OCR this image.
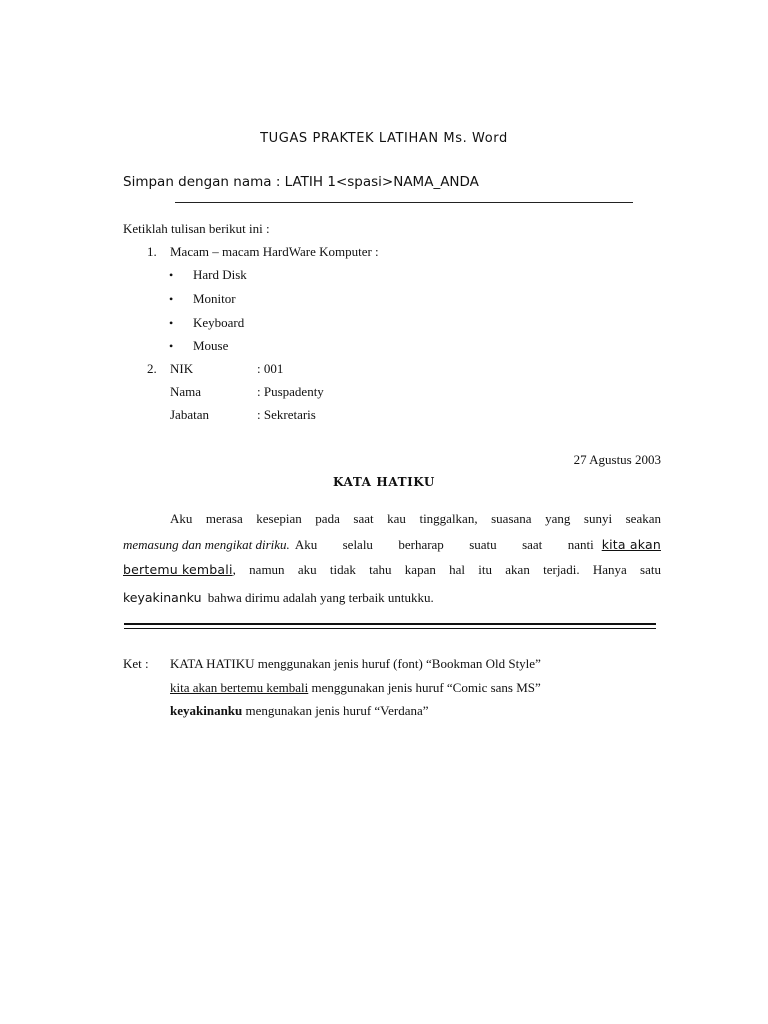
TUGAS PRAKTEK LATIHAN Ms. Word
Simpan dengan nama : LATIH 1<spasi>NAMA_ANDA
Ketiklah tulisan berikut ini :
1. Macam – macam HardWare Komputer :
• Hard Disk
• Monitor
• Keyboard
• Mouse
2. NIK	: 001
Nama	: Puspadenty
Jabatan	: Sekretaris
27 Agustus 2003
KATA HATIKU
Aku merasa kesepian pada saat kau tinggalkan, suasana yang sunyi seakan
memasung dan mengikat diriku. Aku selalu berharap suatu saat nanti kita akan
bertemu kembali , namun aku tidak tahu kapan hal itu akan terjadi. Hanya satu
keyakinanku bahwa dirimu adalah yang terbaik untukku.
Ket : KATA HATIKU menggunakan jenis huruf (font) “Bookman Old Style”
kita akan bertemu kembali menggunakan jenis huruf “Comic sans MS”
keyakinanku mengunakan jenis huruf “Verdana”
